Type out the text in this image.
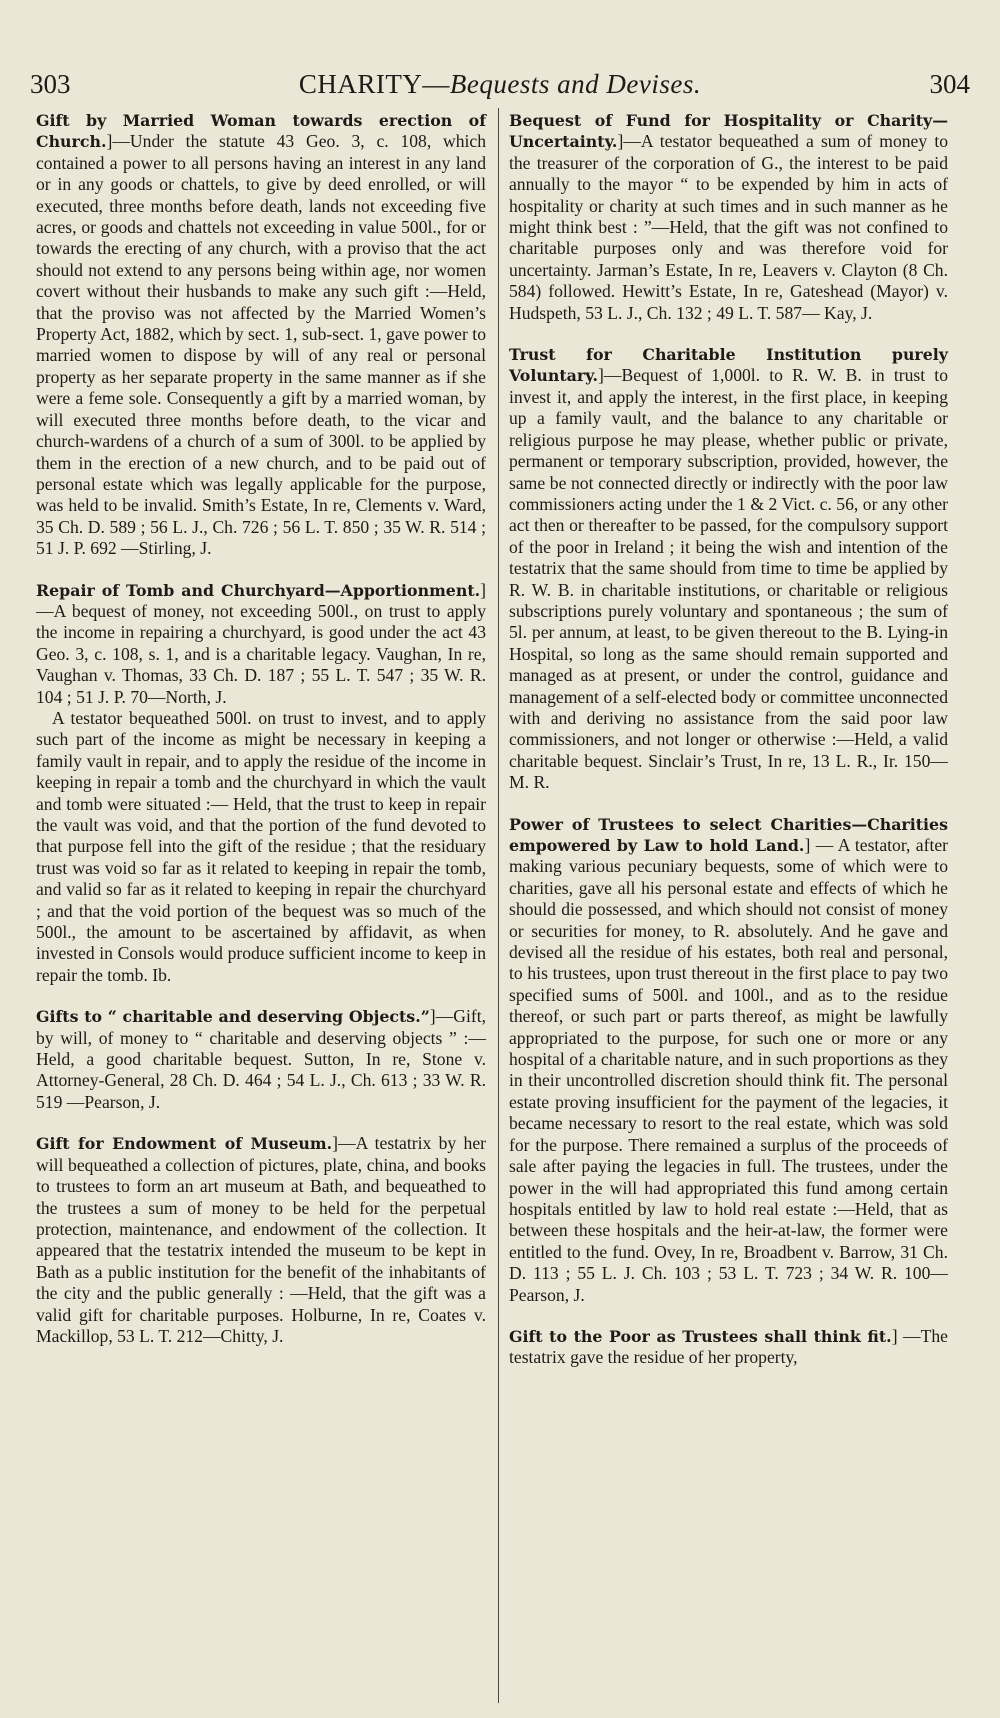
303	CHARITY—Bequests and Devises.	304

Gift by Married Woman towards erection of Church.]—Under the statute 43 Geo. 3, c. 108, which contained a power to all persons having an interest in any land or in any goods or chattels, to give by deed enrolled, or will executed, three months before death, lands not exceeding five acres, or goods and chattels not exceeding in value 500l., for or towards the erecting of any church, with a proviso that the act should not extend to any persons being within age, nor women covert without their husbands to make any such gift :—Held, that the proviso was not affected by the Married Women’s Property Act, 1882, which by sect. 1, sub-sect. 1, gave power to married women to dispose by will of any real or personal property as her separate property in the same manner as if she were a feme sole. Consequently a gift by a married woman, by will executed three months before death, to the vicar and church-wardens of a church of a sum of 300l. to be applied by them in the erection of a new church, and to be paid out of personal estate which was legally applicable for the purpose, was held to be invalid. Smith’s Estate, In re, Clements v. Ward, 35 Ch. D. 589 ; 56 L. J., Ch. 726 ; 56 L. T. 850 ; 35 W. R. 514 ; 51 J. P. 692 —Stirling, J.

Repair of Tomb and Churchyard—Apportionment.]—A bequest of money, not exceeding 500l., on trust to apply the income in repairing a churchyard, is good under the act 43 Geo. 3, c. 108, s. 1, and is a charitable legacy. Vaughan, In re, Vaughan v. Thomas, 33 Ch. D. 187 ; 55 L. T. 547 ; 35 W. R. 104 ; 51 J. P. 70—North, J.

A testator bequeathed 500l. on trust to invest, and to apply such part of the income as might be necessary in keeping a family vault in repair, and to apply the residue of the income in keeping in repair a tomb and the churchyard in which the vault and tomb were situated :— Held, that the trust to keep in repair the vault was void, and that the portion of the fund devoted to that purpose fell into the gift of the residue ; that the residuary trust was void so far as it related to keeping in repair the tomb, and valid so far as it related to keeping in repair the churchyard ; and that the void portion of the bequest was so much of the 500l., the amount to be ascertained by affidavit, as when invested in Consols would produce sufficient income to keep in repair the tomb. Ib.

Gifts to “ charitable and deserving Objects.”]—Gift, by will, of money to “ charitable and deserving objects ” :—Held, a good charitable bequest. Sutton, In re, Stone v. Attorney-General, 28 Ch. D. 464 ; 54 L. J., Ch. 613 ; 33 W. R. 519 —Pearson, J.

Gift for Endowment of Museum.]—A testatrix by her will bequeathed a collection of pictures, plate, china, and books to trustees to form an art museum at Bath, and bequeathed to the trustees a sum of money to be held for the perpetual protection, maintenance, and endowment of the collection. It appeared that the testatrix intended the museum to be kept in Bath as a public institution for the benefit of the inhabitants of the city and the public generally : —Held, that the gift was a valid gift for charitable purposes. Holburne, In re, Coates v. Mackillop, 53 L. T. 212—Chitty, J.

Bequest of Fund for Hospitality or Charity—Uncertainty.]—A testator bequeathed a sum of money to the treasurer of the corporation of G., the interest to be paid annually to the mayor “ to be expended by him in acts of hospitality or charity at such times and in such manner as he might think best : ”—Held, that the gift was not confined to charitable purposes only and was therefore void for uncertainty. Jarman’s Estate, In re, Leavers v. Clayton (8 Ch. 584) followed. Hewitt’s Estate, In re, Gateshead (Mayor) v. Hudspeth, 53 L. J., Ch. 132 ; 49 L. T. 587— Kay, J.

Trust for Charitable Institution purely Voluntary.]—Bequest of 1,000l. to R. W. B. in trust to invest it, and apply the interest, in the first place, in keeping up a family vault, and the balance to any charitable or religious purpose he may please, whether public or private, permanent or temporary subscription, provided, however, the same be not connected directly or indirectly with the poor law commissioners acting under the 1 & 2 Vict. c. 56, or any other act then or thereafter to be passed, for the compulsory support of the poor in Ireland ; it being the wish and intention of the testatrix that the same should from time to time be applied by R. W. B. in charitable institutions, or charitable or religious subscriptions purely voluntary and spontaneous ; the sum of 5l. per annum, at least, to be given thereout to the B. Lying-in Hospital, so long as the same should remain supported and managed as at present, or under the control, guidance and management of a self-elected body or committee unconnected with and deriving no assistance from the said poor law commissioners, and not longer or otherwise :—Held, a valid charitable bequest. Sinclair’s Trust, In re, 13 L. R., Ir. 150—M. R.

Power of Trustees to select Charities—Charities empowered by Law to hold Land.] — A testator, after making various pecuniary bequests, some of which were to charities, gave all his personal estate and effects of which he should die possessed, and which should not consist of money or securities for money, to R. absolutely. And he gave and devised all the residue of his estates, both real and personal, to his trustees, upon trust thereout in the first place to pay two specified sums of 500l. and 100l., and as to the residue thereof, or such part or parts thereof, as might be lawfully appropriated to the purpose, for such one or more or any hospital of a charitable nature, and in such proportions as they in their uncontrolled discretion should think fit. The personal estate proving insufficient for the payment of the legacies, it became necessary to resort to the real estate, which was sold for the purpose. There remained a surplus of the proceeds of sale after paying the legacies in full. The trustees, under the power in the will had appropriated this fund among certain hospitals entitled by law to hold real estate :—Held, that as between these hospitals and the heir-at-law, the former were entitled to the fund. Ovey, In re, Broadbent v. Barrow, 31 Ch. D. 113 ; 55 L. J. Ch. 103 ; 53 L. T. 723 ; 34 W. R. 100— Pearson, J.

Gift to the Poor as Trustees shall think fit.] —The testatrix gave the residue of her property,
